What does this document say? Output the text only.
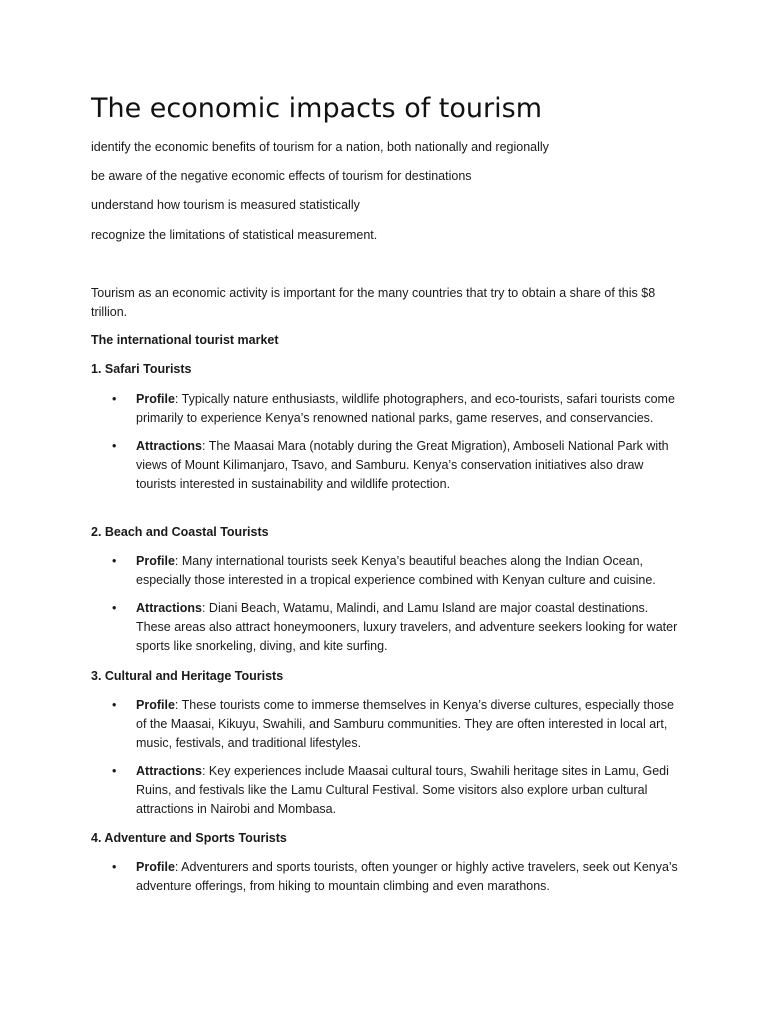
The economic impacts of tourism

identify the economic benefits of tourism for a nation, both nationally and regionally

be aware of the negative economic effects of tourism for destinations

understand how tourism is measured statistically

recognize the limitations of statistical measurement.

Tourism as an economic activity is important for the many countries that try to obtain a share of this $8 trillion.

The international tourist market

1. Safari Tourists

• Profile: Typically nature enthusiasts, wildlife photographers, and eco-tourists, safari tourists come primarily to experience Kenya’s renowned national parks, game reserves, and conservancies.
• Attractions: The Maasai Mara (notably during the Great Migration), Amboseli National Park with views of Mount Kilimanjaro, Tsavo, and Samburu. Kenya’s conservation initiatives also draw tourists interested in sustainability and wildlife protection.

2. Beach and Coastal Tourists

• Profile: Many international tourists seek Kenya’s beautiful beaches along the Indian Ocean, especially those interested in a tropical experience combined with Kenyan culture and cuisine.
• Attractions: Diani Beach, Watamu, Malindi, and Lamu Island are major coastal destinations. These areas also attract honeymooners, luxury travelers, and adventure seekers looking for water sports like snorkeling, diving, and kite surfing.

3. Cultural and Heritage Tourists

• Profile: These tourists come to immerse themselves in Kenya’s diverse cultures, especially those of the Maasai, Kikuyu, Swahili, and Samburu communities. They are often interested in local art, music, festivals, and traditional lifestyles.
• Attractions: Key experiences include Maasai cultural tours, Swahili heritage sites in Lamu, Gedi Ruins, and festivals like the Lamu Cultural Festival. Some visitors also explore urban cultural attractions in Nairobi and Mombasa.

4. Adventure and Sports Tourists

• Profile: Adventurers and sports tourists, often younger or highly active travelers, seek out Kenya’s adventure offerings, from hiking to mountain climbing and even marathons.
